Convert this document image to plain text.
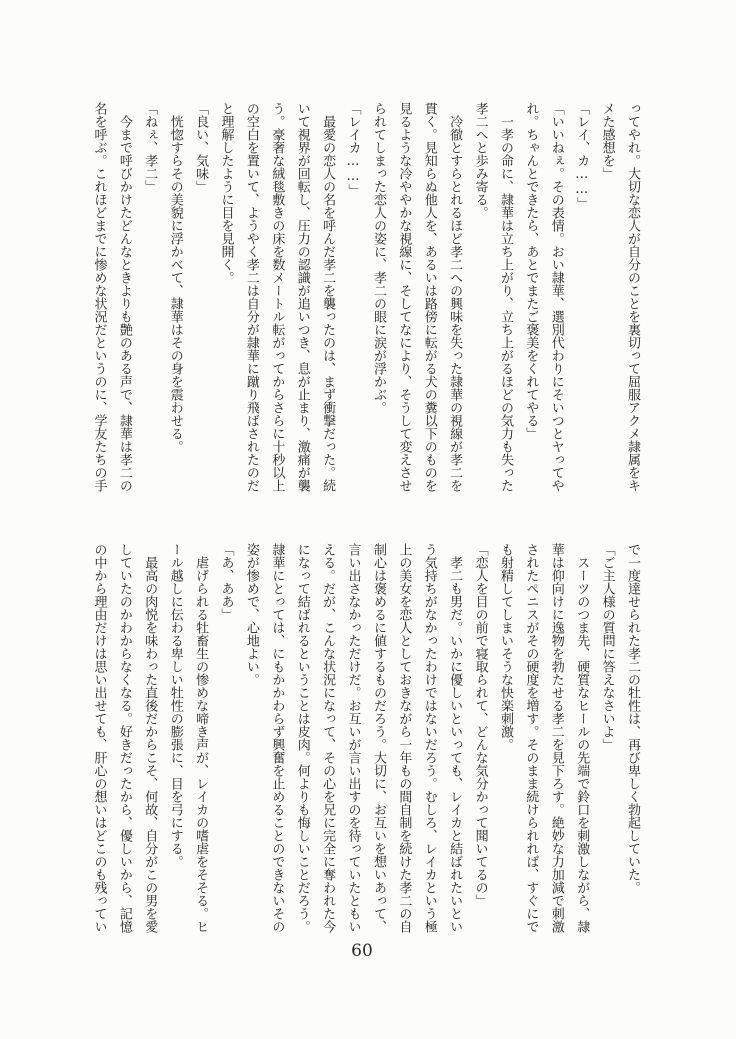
ってやれ。大切な恋人が自分のことを裏切って屈服アクメ隷属をキメた感想を」

「レイ、カ……」

「いいねぇ。その表情。おい隷華、選別代わりにそいつとヤってやれ。ちゃんとできたら、あとでまたご褒美をくれてやる」

一孝の命に、隷華は立ち上がり、立ち上がるほどの気力も失った孝二へと歩み寄る。

冷徹とすらとれるほど孝二への興味を失った隷華の視線が孝二を貫く。見知らぬ他人を、あるいは路傍に転がる犬の糞以下のものを見るような冷ややかな視線に、そしてなにより、そうして変えさせられてしまった恋人の姿に、孝二の眼に涙が浮かぶ。

「レイカ……」

最愛の恋人の名を呼んだ孝二を襲ったのは、まず衝撃だった。続いて視界が回転し、圧力の認識が追いつき、息が止まり、激痛が襲う。豪奢な絨毯敷きの床を数メートル転がってからさらに十秒以上の空白を置いて、ようやく孝二は自分が隷華に蹴り飛ばされたのだと理解したように目を見開く。

「良い、気味」

恍惚すらその美貌に浮かべて、隷華はその身を震わせる。

「ねぇ、孝二」

今まで呼びかけたどんなときよりも艶のある声で、隷華は孝二の名を呼ぶ。これほどまでに惨めな状況だというのに、学友たちの手

で一度達せられた孝二の牡性は、再び卑しく勃起していた。

「ご主人様の質問に答えなさいよ」

スーツのつま先、硬質なヒールの先端で鈴口を刺激しながら、隷華は仰向けに逸物を勃たせる孝二を見下ろす。絶妙な力加減で刺激されたペニスがその硬度を増す。そのまま続けられれば、すぐにでも射精してしまいそうな快楽刺激。

「恋人を目の前で寝取られて、どんな気分かって聞いてるの」

孝二も男だ。いかに優しいといっても、レイカと結ばれたいという気持ちがなかったわけではないだろう。むしろ、レイカという極上の美女を恋人としておきながら一年もの間自制を続けた孝二の自制心は褒めるに値するものだろう。大切に、お互いを想いあって、言い出さなかっただけだ。お互いが言い出すのを待っていたともいえる。だが、こんな状況になって、その心を兄に完全に奪われた今になって結ばれるということは皮肉。何よりも悔しいことだろう。隷華にとっては、にもかかわらず興奮を止めることのできないその姿が惨めで、心地よい。

「あ、ああ」

虐げられる牡畜生の惨めな啼き声が、レイカの嗜虐をそそる。ヒール越しに伝わる卑しい牡性の膨張に、目を弓にする。

最高の肉悦を味わった直後だからこそ、何故、自分がこの男を愛していたのかわからなくなる。好きだったから、優しいから、記憶の中から理由だけは思い出せても、肝心の想いはどこのも残ってい

60
